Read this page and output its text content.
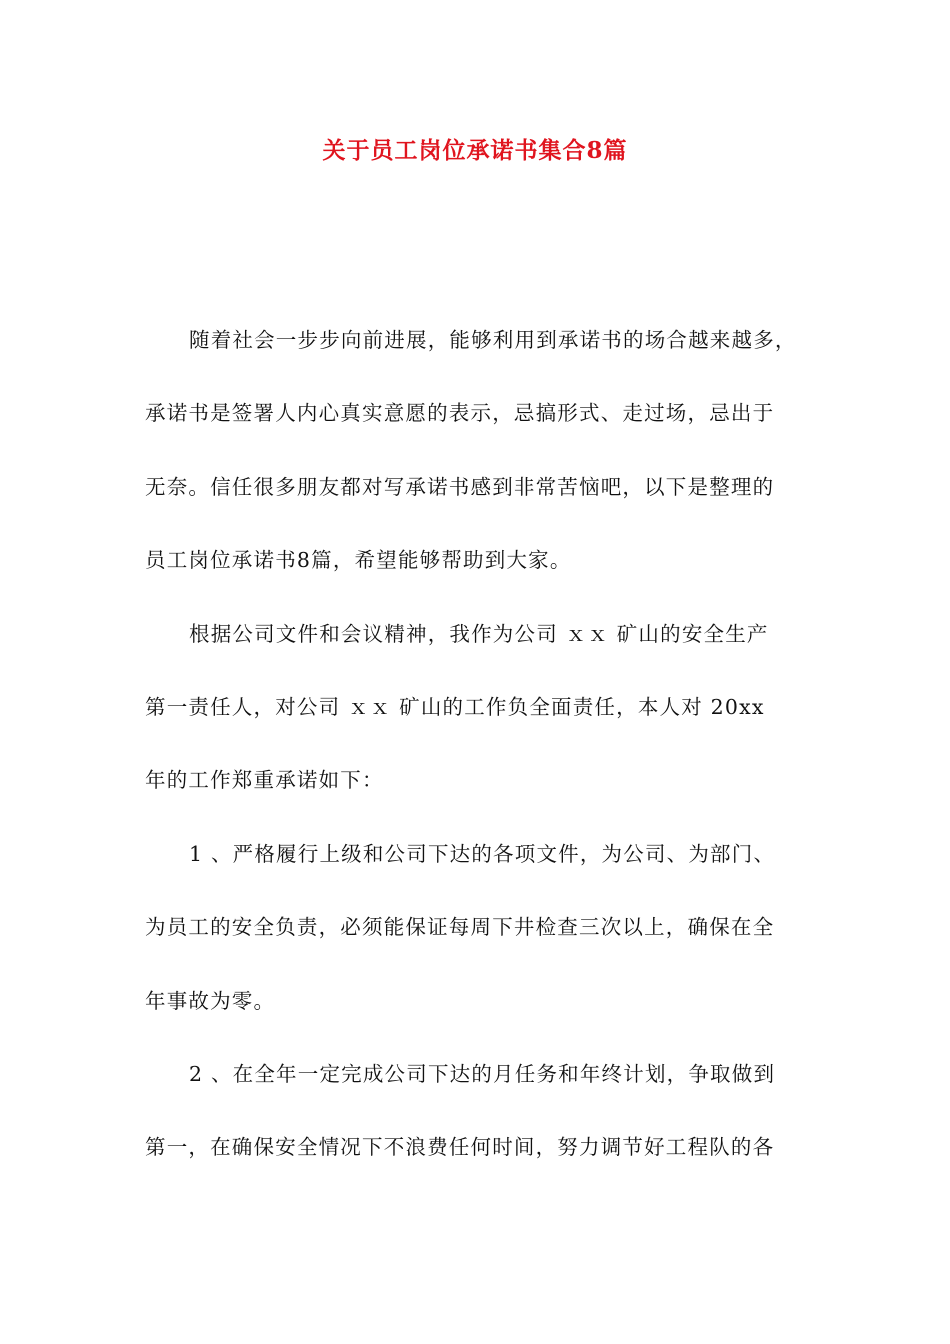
关于员工岗位承诺书集合8篇
随着社会一步步向前进展，能够利用到承诺书的场合越来越多，
承诺书是签署人内心真实意愿的表示，忌搞形式、走过场，忌出于
无奈。信任很多朋友都对写承诺书感到非常苦恼吧，以下是整理的
员工岗位承诺书8篇，希望能够帮助到大家。
根据公司文件和会议精神，我作为公司 ｘｘ 矿山的安全生产
第一责任人，对公司 ｘｘ 矿山的工作负全面责任，本人对 20xx
年的工作郑重承诺如下：
1 、严格履行上级和公司下达的各项文件，为公司、为部门、
为员工的安全负责，必须能保证每周下井检查三次以上，确保在全
年事故为零。
2 、在全年一定完成公司下达的月任务和年终计划，争取做到
第一，在确保安全情况下不浪费任何时间，努力调节好工程队的各
